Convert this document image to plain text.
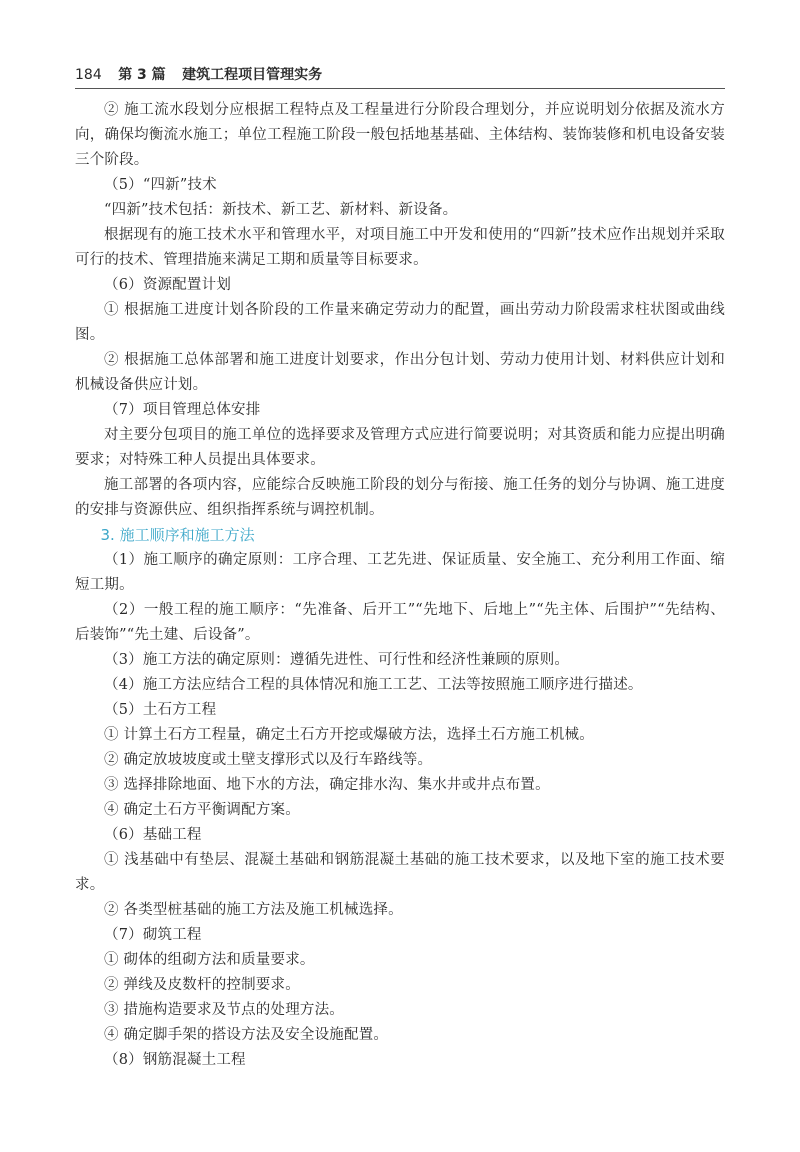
184 第 3 篇 建筑工程项目管理实务

② 施工流水段划分应根据工程特点及工程量进行分阶段合理划分，并应说明划分依据及流水方向，确保均衡流水施工；单位工程施工阶段一般包括地基基础、主体结构、装饰装修和机电设备安装三个阶段。

（5）“四新”技术

“四新”技术包括：新技术、新工艺、新材料、新设备。

根据现有的施工技术水平和管理水平，对项目施工中开发和使用的“四新”技术应作出规划并采取可行的技术、管理措施来满足工期和质量等目标要求。

（6）资源配置计划

① 根据施工进度计划各阶段的工作量来确定劳动力的配置，画出劳动力阶段需求柱状图或曲线图。

② 根据施工总体部署和施工进度计划要求，作出分包计划、劳动力使用计划、材料供应计划和机械设备供应计划。

（7）项目管理总体安排

对主要分包项目的施工单位的选择要求及管理方式应进行简要说明；对其资质和能力应提出明确要求；对特殊工种人员提出具体要求。

施工部署的各项内容，应能综合反映施工阶段的划分与衔接、施工任务的划分与协调、施工进度的安排与资源供应、组织指挥系统与调控机制。

3. 施工顺序和施工方法

（1）施工顺序的确定原则：工序合理、工艺先进、保证质量、安全施工、充分利用工作面、缩短工期。

（2）一般工程的施工顺序：“先准备、后开工”“先地下、后地上”“先主体、后围护”“先结构、后装饰”“先土建、后设备”。

（3）施工方法的确定原则：遵循先进性、可行性和经济性兼顾的原则。

（4）施工方法应结合工程的具体情况和施工工艺、工法等按照施工顺序进行描述。

（5）土石方工程

① 计算土石方工程量，确定土石方开挖或爆破方法，选择土石方施工机械。

② 确定放坡坡度或土壁支撑形式以及行车路线等。

③ 选择排除地面、地下水的方法，确定排水沟、集水井或井点布置。

④ 确定土石方平衡调配方案。

（6）基础工程

① 浅基础中有垫层、混凝土基础和钢筋混凝土基础的施工技术要求，以及地下室的施工技术要求。

② 各类型桩基础的施工方法及施工机械选择。

（7）砌筑工程

① 砌体的组砌方法和质量要求。

② 弹线及皮数杆的控制要求。

③ 措施构造要求及节点的处理方法。

④ 确定脚手架的搭设方法及安全设施配置。

（8）钢筋混凝土工程
